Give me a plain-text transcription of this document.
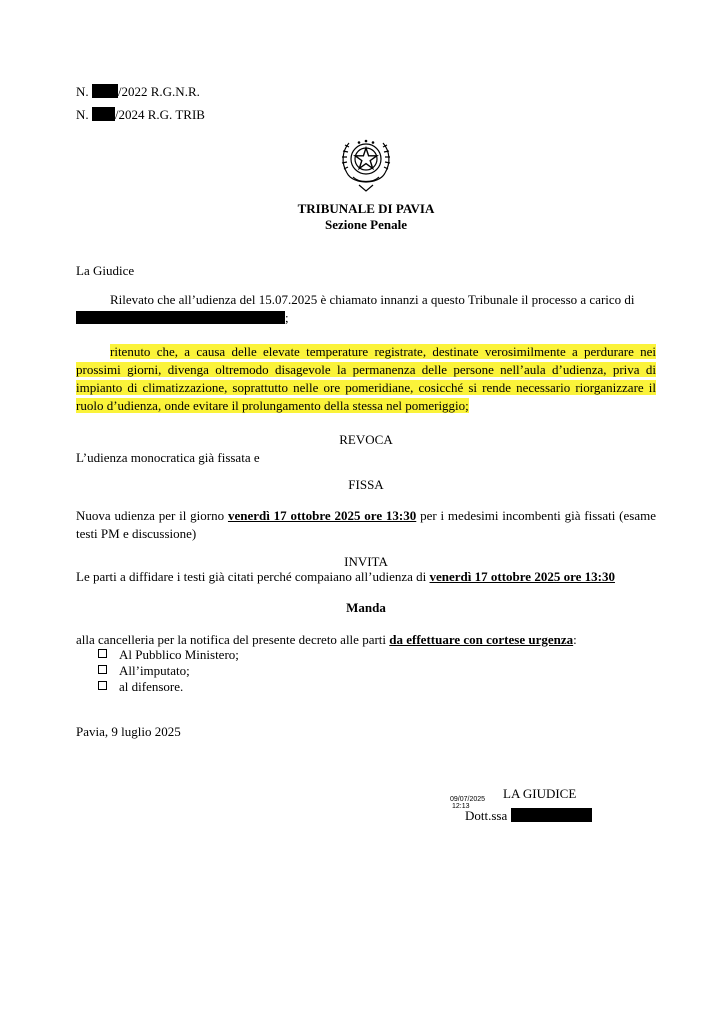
N. /2022 R.G.N.R.
N. /2024 R.G. TRIB
TRIBUNALE DI PAVIA
Sezione Penale
La Giudice
Rilevato che all’udienza del 15.07.2025 è chiamato innanzi a questo Tribunale il processo a carico di
;
ritenuto che, a causa delle elevate temperature registrate, destinate verosimilmente a perdurare nei prossimi giorni, divenga oltremodo disagevole la permanenza delle persone nell’aula d’udienza, priva di impianto di climatizzazione, soprattutto nelle ore pomeridiane, cosicché si rende necessario riorganizzare il ruolo d’udienza, onde evitare il prolungamento della stessa nel pomeriggio;
REVOCA
L’udienza monocratica già fissata e
FISSA
Nuova udienza per il giorno venerdì 17 ottobre 2025 ore 13:30 per i medesimi incombenti già fissati (esame testi PM e discussione)
INVITA
Le parti a diffidare i testi già citati perché compaiano all’udienza di venerdì 17 ottobre 2025 ore 13:30
Manda
alla cancelleria per la notifica del presente decreto alle parti da effettuare con cortese urgenza:
Al Pubblico Ministero;
All’imputato;
al difensore.
Pavia, 9 luglio 2025
09/07/2025
12:13
LA GIUDICE
Dott.ssa
